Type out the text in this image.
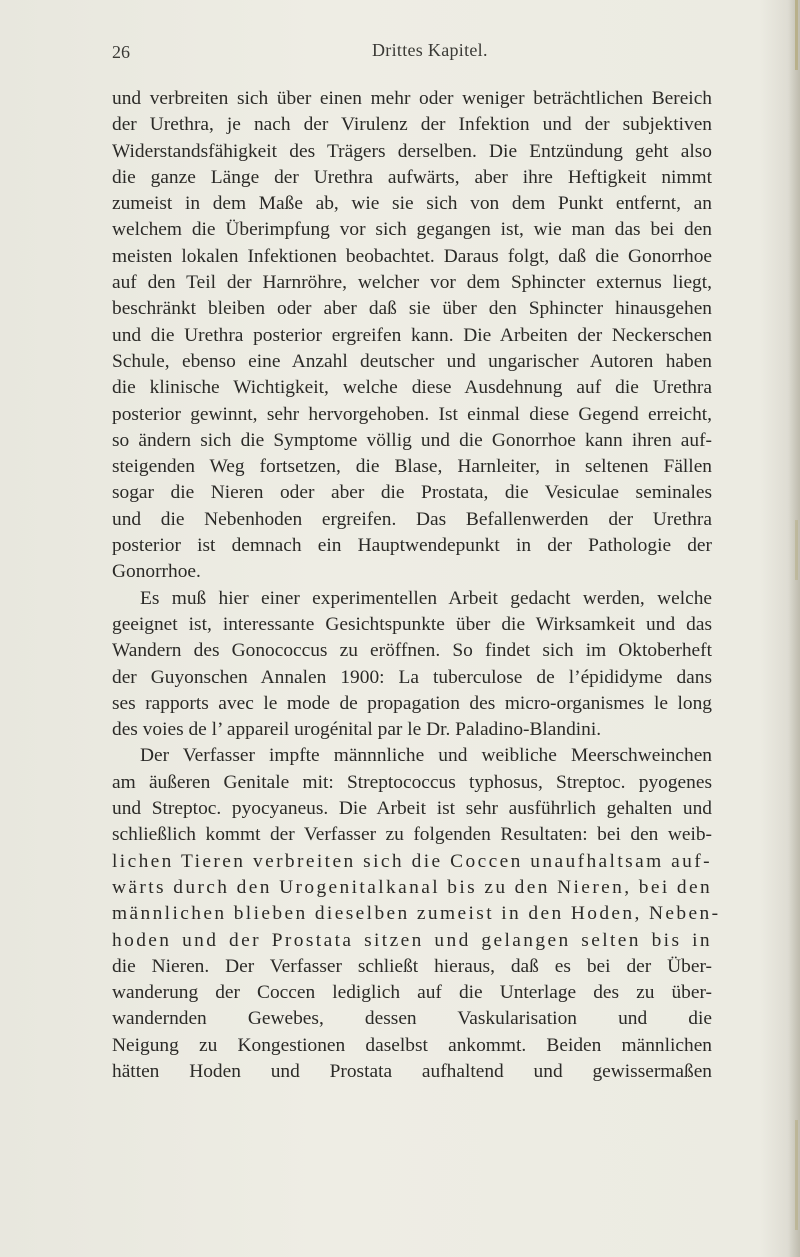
26	Drittes Kapitel.
und verbreiten sich über einen mehr oder weniger beträchtlichen Bereich
der Urethra, je nach der Virulenz der Infektion und der subjektiven
Widerstandsfähigkeit des Trägers derselben. Die Entzündung geht also
die ganze Länge der Urethra aufwärts, aber ihre Heftigkeit nimmt
zumeist in dem Maße ab, wie sie sich von dem Punkt entfernt, an
welchem die Überimpfung vor sich gegangen ist, wie man das bei den
meisten lokalen Infektionen beobachtet. Daraus folgt, daß die Gonorrhoe
auf den Teil der Harnröhre, welcher vor dem Sphincter externus liegt,
beschränkt bleiben oder aber daß sie über den Sphincter hinausgehen
und die Urethra posterior ergreifen kann. Die Arbeiten der Neckerschen
Schule, ebenso eine Anzahl deutscher und ungarischer Autoren haben
die klinische Wichtigkeit, welche diese Ausdehnung auf die Urethra
posterior gewinnt, sehr hervorgehoben. Ist einmal diese Gegend erreicht,
so ändern sich die Symptome völlig und die Gonorrhoe kann ihren auf-
steigenden Weg fortsetzen, die Blase, Harnleiter, in seltenen Fällen
sogar die Nieren oder aber die Prostata, die Vesiculae seminales
und die Nebenhoden ergreifen. Das Befallenwerden der Urethra
posterior ist demnach ein Hauptwendepunkt in der Pathologie der
Gonorrhoe.
Es muß hier einer experimentellen Arbeit gedacht werden, welche
geeignet ist, interessante Gesichtspunkte über die Wirksamkeit und das
Wandern des Gonococcus zu eröffnen. So findet sich im Oktoberheft
der Guyonschen Annalen 1900: La tuberculose de l’épididyme dans
ses rapports avec le mode de propagation des micro-organismes le long
des voies de l’ appareil urogénital par le Dr. Paladino-Blandini.
Der Verfasser impfte männnliche und weibliche Meerschweinchen
am äußeren Genitale mit: Streptococcus typhosus, Streptoc. pyogenes
und Streptoc. pyocyaneus. Die Arbeit ist sehr ausführlich gehalten und
schließlich kommt der Verfasser zu folgenden Resultaten: bei den weib-
lichen Tieren verbreiten sich die Coccen unaufhaltsam auf-
wärts durch den Urogenitalkanal bis zu den Nieren, bei den
männlichen blieben dieselben zumeist in den Hoden, Neben-
hoden und der Prostata sitzen und gelangen selten bis in
die Nieren. Der Verfasser schließt hieraus, daß es bei der Über-
wanderung der Coccen lediglich auf die Unterlage des zu über-
wandernden Gewebes, dessen Vaskularisation und die
Neigung zu Kongestionen daselbst ankommt. Beiden männlichen
hätten Hoden und Prostata aufhaltend und gewissermaßen
